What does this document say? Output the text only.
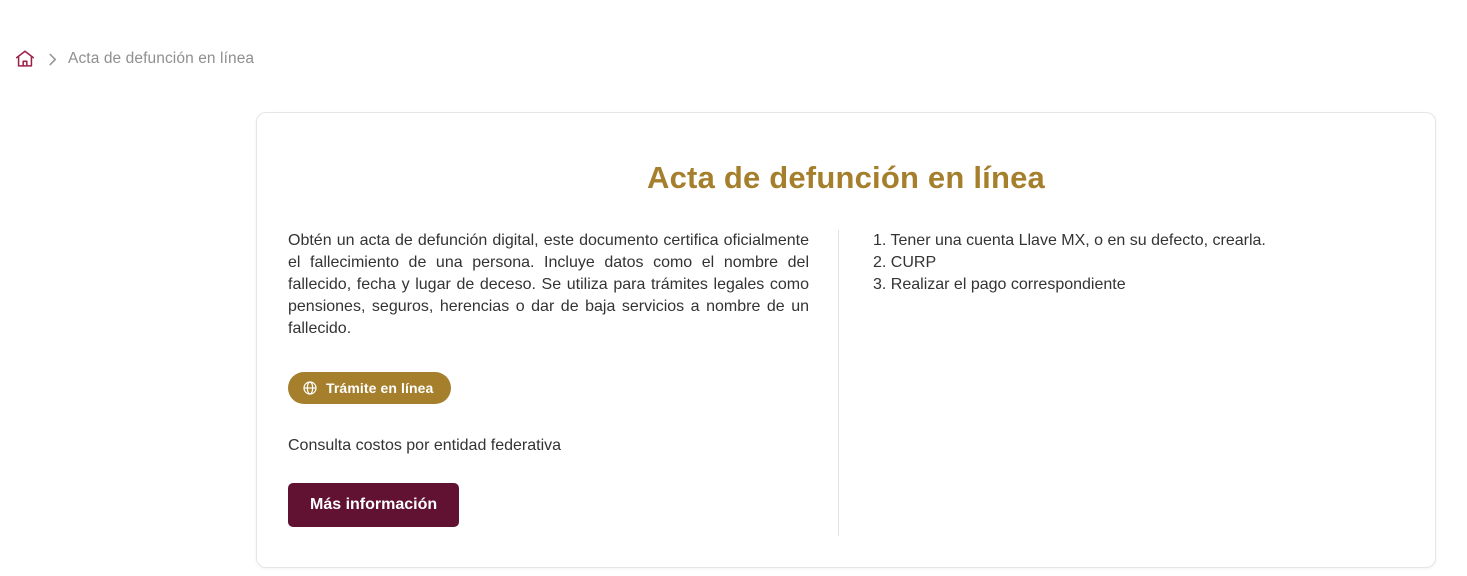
Acta de defunción en línea
Acta de defunción en línea

Obtén un acta de defunción digital, este documento certifica oficialmente el fallecimiento de una persona. Incluye datos como el nombre del fallecido, fecha y lugar de deceso. Se utiliza para trámites legales como pensiones, seguros, herencias o dar de baja servicios a nombre de un fallecido.

Trámite en línea

Consulta costos por entidad federativa

Más información
1. Tener una cuenta Llave MX, o en su defecto, crearla.
2. CURP
3. Realizar el pago correspondiente
